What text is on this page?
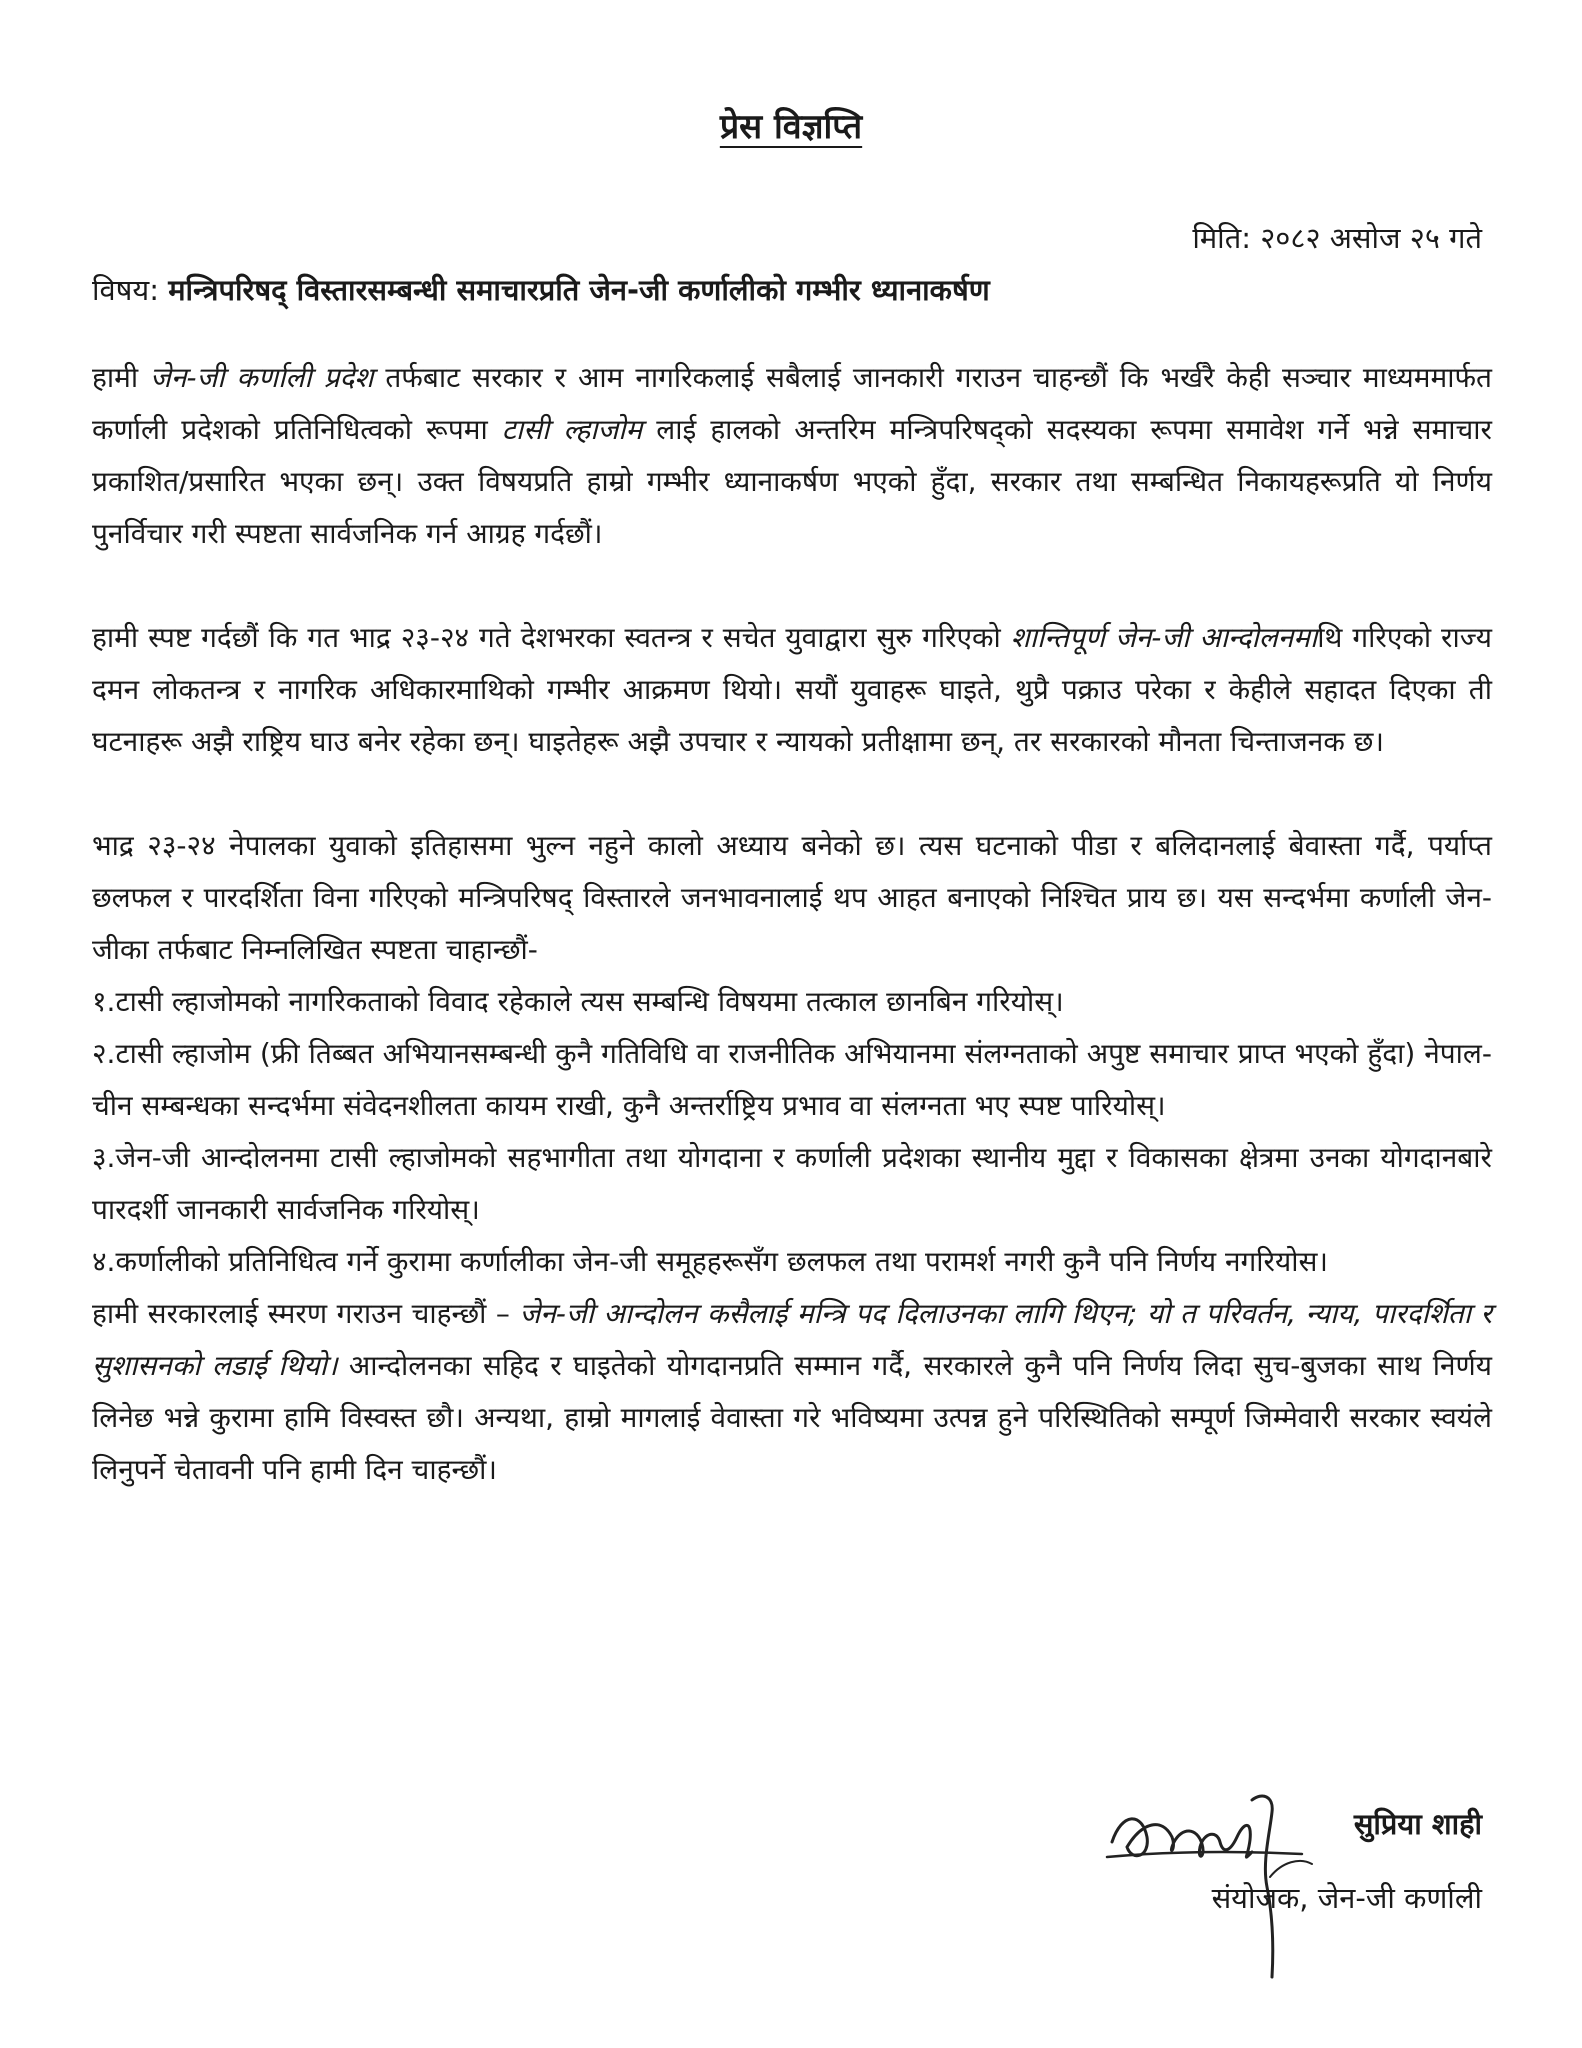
प्रेस विज्ञप्ति
मिति: २०८२ असोज २५ गते
विषय: मन्त्रिपरिषद् विस्तारसम्बन्धी समाचारप्रति जेन-जी कर्णालीको गम्भीर ध्यानाकर्षण

हामी जेन-जी कर्णाली प्रदेश तर्फबाट सरकार र आम नागरिकलाई सबैलाई जानकारी गराउन चाहन्छौं कि भर्खरै केही सञ्चार माध्यममार्फत कर्णाली प्रदेशको प्रतिनिधित्वको रूपमा टासी ल्हाजोम लाई हालको अन्तरिम मन्त्रिपरिषद्को सदस्यका रूपमा समावेश गर्ने भन्ने समाचार प्रकाशित/प्रसारित भएका छन्। उक्त विषयप्रति हाम्रो गम्भीर ध्यानाकर्षण भएको हुँदा, सरकार तथा सम्बन्धित निकायहरूप्रति यो निर्णय पुनर्विचार गरी स्पष्टता सार्वजनिक गर्न आग्रह गर्दछौं।

हामी स्पष्ट गर्दछौं कि गत भाद्र २३-२४ गते देशभरका स्वतन्त्र र सचेत युवाद्वारा सुरु गरिएको शान्तिपूर्ण जेन-जी आन्दोलनमाथि गरिएको राज्य दमन लोकतन्त्र र नागरिक अधिकारमाथिको गम्भीर आक्रमण थियो। सयौं युवाहरू घाइते, थुप्रै पक्राउ परेका र केहीले सहादत दिएका ती घटनाहरू अझै राष्ट्रिय घाउ बनेर रहेका छन्। घाइतेहरू अझै उपचार र न्यायको प्रतीक्षामा छन्, तर सरकारको मौनता चिन्ताजनक छ।

भाद्र २३-२४ नेपालका युवाको इतिहासमा भुल्न नहुने कालो अध्याय बनेको छ। त्यस घटनाको पीडा र बलिदानलाई बेवास्ता गर्दै, पर्याप्त छलफल र पारदर्शिता विना गरिएको मन्त्रिपरिषद् विस्तारले जनभावनालाई थप आहत बनाएको निश्चित प्राय छ। यस सन्दर्भमा कर्णाली जेन-जीका तर्फबाट निम्नलिखित स्पष्टता चाहान्छौं-

१.टासी ल्हाजोमको नागरिकताको विवाद रहेकाले त्यस सम्बन्धि विषयमा तत्काल छानबिन गरियोस्।

२.टासी ल्हाजोम (फ्री तिब्बत अभियानसम्बन्धी कुनै गतिविधि वा राजनीतिक अभियानमा संलग्नताको अपुष्ट समाचार प्राप्त भएको हुँदा) नेपाल-चीन सम्बन्धका सन्दर्भमा संवेदनशीलता कायम राखी, कुनै अन्तर्राष्ट्रिय प्रभाव वा संलग्नता भए स्पष्ट पारियोस्।

३.जेन-जी आन्दोलनमा टासी ल्हाजोमको सहभागीता तथा योगदाना र कर्णाली प्रदेशका स्थानीय मुद्दा र विकासका क्षेत्रमा उनका योगदानबारे पारदर्शी जानकारी सार्वजनिक गरियोस्।

४.कर्णालीको प्रतिनिधित्व गर्ने कुरामा कर्णालीका जेन-जी समूहहरूसँग छलफल तथा परामर्श नगरी कुनै पनि निर्णय नगरियोस।

हामी सरकारलाई स्मरण गराउन चाहन्छौं – जेन-जी आन्दोलन कसैलाई मन्त्रि पद दिलाउनका लागि थिएन; यो त परिवर्तन, न्याय, पारदर्शिता र सुशासनको लडाई थियो। आन्दोलनका सहिद र घाइतेको योगदानप्रति सम्मान गर्दै, सरकारले कुनै पनि निर्णय लिदा सुच-बुजका साथ निर्णय लिनेछ भन्ने कुरामा हामि विस्वस्त छौ। अन्यथा, हाम्रो मागलाई वेवास्ता गरे भविष्यमा उत्पन्न हुने परिस्थितिको सम्पूर्ण जिम्मेवारी सरकार स्वयंले लिनुपर्ने चेतावनी पनि हामी दिन चाहन्छौं।

सुप्रिया शाही
संयोजक, जेन-जी कर्णाली
